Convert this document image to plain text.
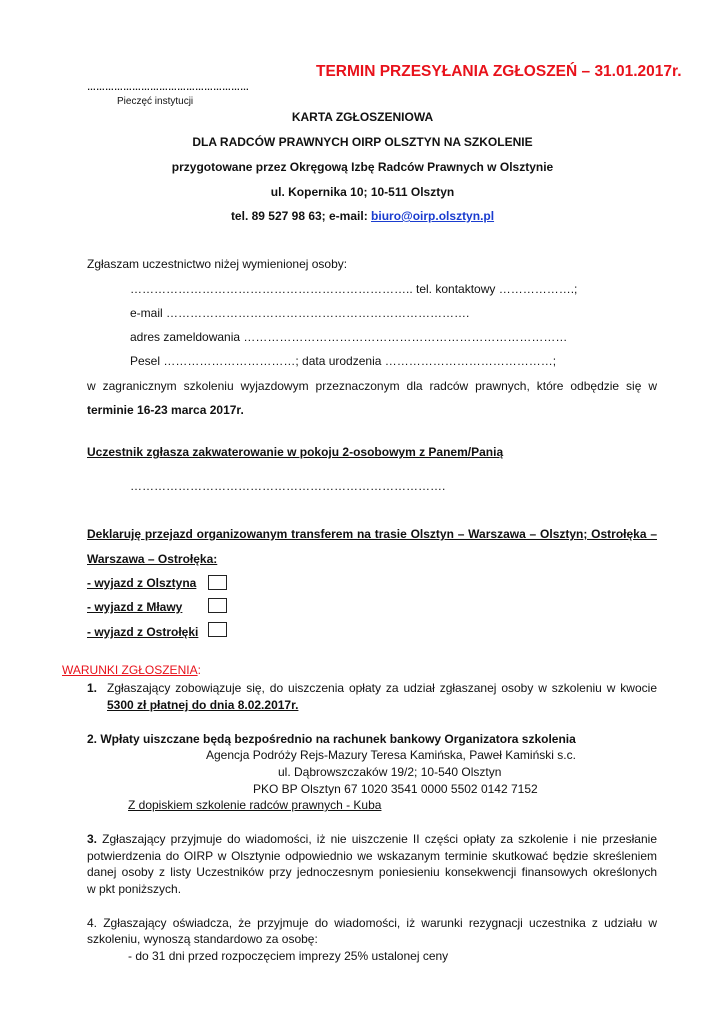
TERMIN PRZESYŁANIA ZGŁOSZEŃ – 31.01.2017r.
………………………………………………
Pieczęć instytucji
KARTA ZGŁOSZENIOWA
DLA RADCÓW PRAWNYCH OIRP OLSZTYN NA SZKOLENIE
przygotowane przez Okręgową Izbę Radców Prawnych w Olsztynie
ul. Kopernika 10; 10-511 Olsztyn
tel. 89 527 98 63; e-mail: biuro@oirp.olsztyn.pl
Zgłaszam uczestnictwo niżej wymienionej osoby:
…………………………………………………………….. tel. kontaktowy ……………….;
e-mail ………………………………………………………………….
adres zameldowania ………………………………………………………………………
Pesel ……………………………; data urodzenia ……………………………………;
w zagranicznym szkoleniu wyjazdowym przeznaczonym dla radców prawnych, które odbędzie się w
terminie 16-23 marca 2017r.
Uczestnik zgłasza zakwaterowanie w pokoju 2-osobowym z Panem/Panią
…………………………………………………………………….
Deklaruję przejazd organizowanym transferem na trasie Olsztyn – Warszawa – Olsztyn; Ostrołęka –
Warszawa – Ostrołęka:
- wyjazd z Olsztyna
- wyjazd z Mławy
- wyjazd z Ostrołęki
WARUNKI ZGŁOSZENIA:
1. Zgłaszający zobowiązuje się, do uiszczenia opłaty za udział zgłaszanej osoby w szkoleniu w kwocie
5300 zł płatnej do dnia 8.02.2017r.
2. Wpłaty uiszczane będą bezpośrednio na rachunek bankowy Organizatora szkolenia
Agencja Podróży Rejs-Mazury Teresa Kamińska, Paweł Kamiński s.c.
ul. Dąbrowszczaków 19/2; 10-540 Olsztyn
PKO BP Olsztyn 67 1020 3541 0000 5502 0142 7152
Z dopiskiem szkolenie radców prawnych - Kuba
3. Zgłaszający przyjmuje do wiadomości, iż nie uiszczenie II części opłaty za szkolenie i nie przesłanie
potwierdzenia do OIRP w Olsztynie odpowiednio we wskazanym terminie skutkować będzie skreśleniem
danej osoby z listy Uczestników przy jednoczesnym poniesieniu konsekwencji finansowych określonych
w pkt poniższych.
4. Zgłaszający oświadcza, że przyjmuje do wiadomości, iż warunki rezygnacji uczestnika z udziału w
szkoleniu, wynoszą standardowo za osobę:
- do 31 dni przed rozpoczęciem imprezy 25% ustalonej ceny
